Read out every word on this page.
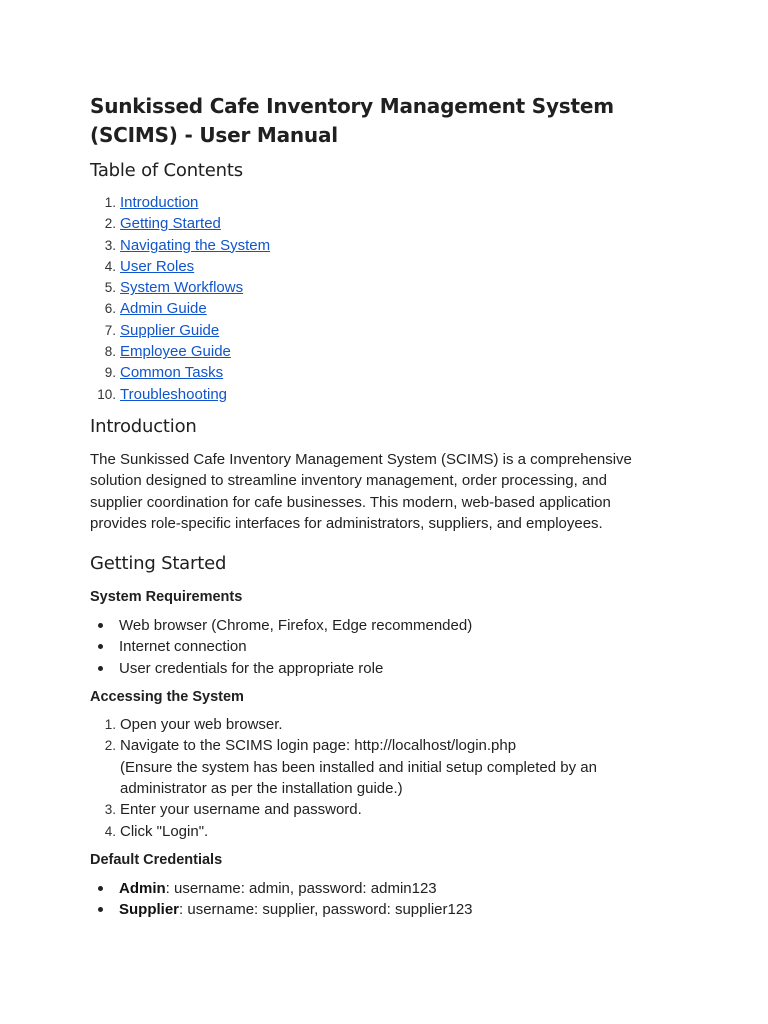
Sunkissed Cafe Inventory Management System (SCIMS) - User Manual
Table of Contents
1. Introduction
2. Getting Started
3. Navigating the System
4. User Roles
5. System Workflows
6. Admin Guide
7. Supplier Guide
8. Employee Guide
9. Common Tasks
10. Troubleshooting
Introduction

The Sunkissed Cafe Inventory Management System (SCIMS) is a comprehensive solution designed to streamline inventory management, order processing, and supplier coordination for cafe businesses. This modern, web-based application provides role-specific interfaces for administrators, suppliers, and employees.

Getting Started
System Requirements
Web browser (Chrome, Firefox, Edge recommended)
Internet connection
User credentials for the appropriate role
Accessing the System
1. Open your web browser.
2. Navigate to the SCIMS login page: http://localhost/login.php
(Ensure the system has been installed and initial setup completed by an administrator as per the installation guide.)
3. Enter your username and password.
4. Click "Login".
Default Credentials
Admin: username: admin, password: admin123
Supplier: username: supplier, password: supplier123
